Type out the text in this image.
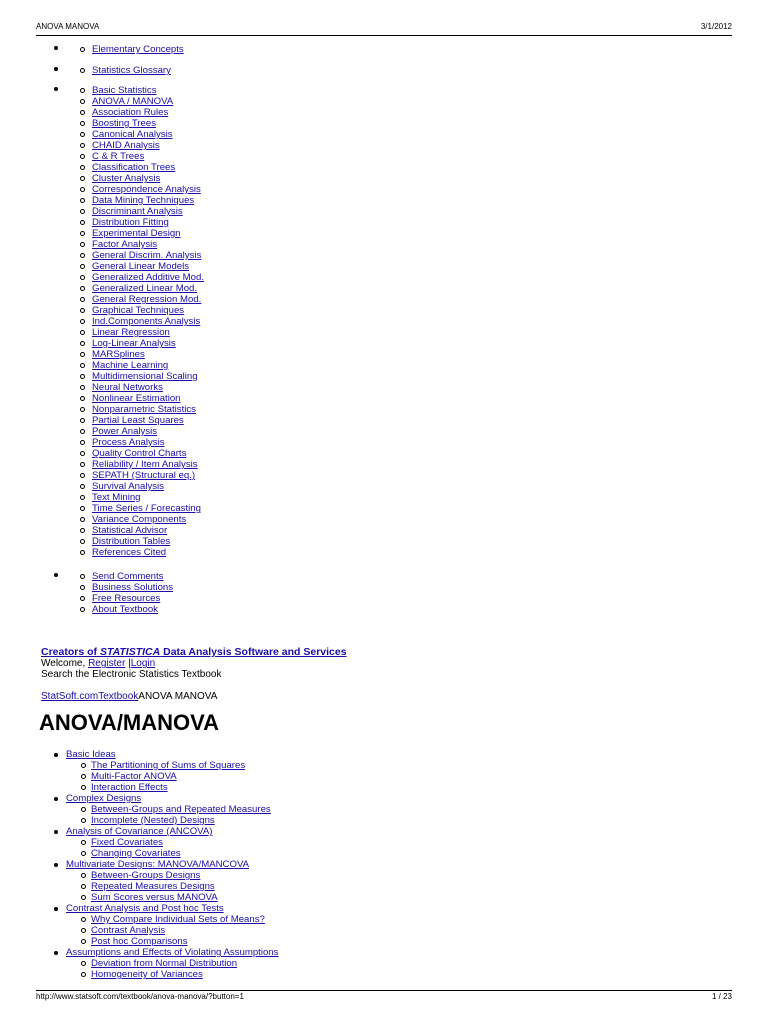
ANOVA MANOVA	3/1/2012
Elementary Concepts
Statistics Glossary
Basic Statistics
ANOVA / MANOVA
Association Rules
Boosting Trees
Canonical Analysis
CHAID Analysis
C & R Trees
Classification Trees
Cluster Analysis
Correspondence Analysis
Data Mining Techniques
Discriminant Analysis
Distribution Fitting
Experimental Design
Factor Analysis
General Discrim. Analysis
General Linear Models
Generalized Additive Mod.
Generalized Linear Mod.
General Regression Mod.
Graphical Techniques
Ind.Components Analysis
Linear Regression
Log-Linear Analysis
MARSplines
Machine Learning
Multidimensional Scaling
Neural Networks
Nonlinear Estimation
Nonparametric Statistics
Partial Least Squares
Power Analysis
Process Analysis
Quality Control Charts
Reliability / Item Analysis
SEPATH (Structural eq.)
Survival Analysis
Text Mining
Time Series / Forecasting
Variance Components
Statistical Advisor
Distribution Tables
References Cited
Send Comments
Business Solutions
Free Resources
About Textbook
Creators of STATISTICA Data Analysis Software and Services
Welcome, Register |Login
Search the Electronic Statistics Textbook
StatSoft.comTextbookANOVA MANOVA
ANOVA/MANOVA
Basic Ideas
The Partitioning of Sums of Squares
Multi-Factor ANOVA
Interaction Effects
Complex Designs
Between-Groups and Repeated Measures
Incomplete (Nested) Designs
Analysis of Covariance (ANCOVA)
Fixed Covariates
Changing Covariates
Multivariate Designs: MANOVA/MANCOVA
Between-Groups Designs
Repeated Measures Designs
Sum Scores versus MANOVA
Contrast Analysis and Post hoc Tests
Why Compare Individual Sets of Means?
Contrast Analysis
Post hoc Comparisons
Assumptions and Effects of Violating Assumptions
Deviation from Normal Distribution
Homogeneity of Variances
http://www.statsoft.com/textbook/anova-manova/?button=1	1 / 23
